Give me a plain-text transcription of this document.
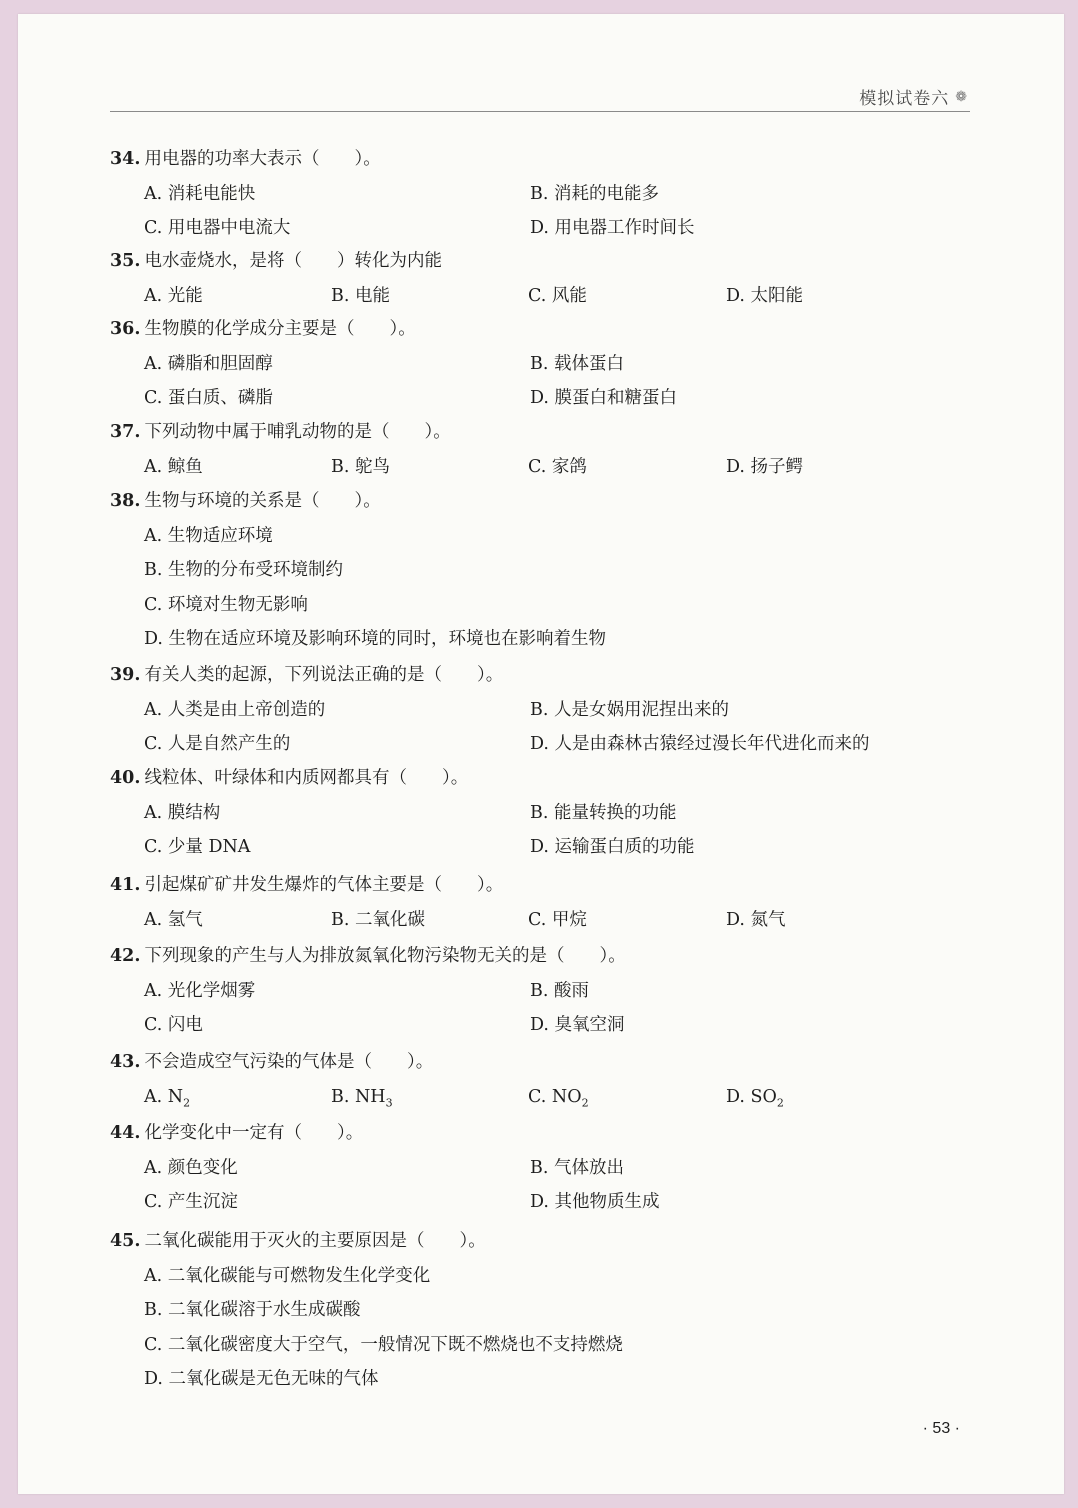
模拟试卷六 ❁
34. 用电器的功率大表示（　　）。
A. 消耗电能快	B. 消耗的电能多
C. 用电器中电流大	D. 用电器工作时间长
35. 电水壶烧水，是将（　　）转化为内能
A. 光能	B. 电能	C. 风能	D. 太阳能
36. 生物膜的化学成分主要是（　　）。
A. 磷脂和胆固醇	B. 载体蛋白
C. 蛋白质、磷脂	D. 膜蛋白和糖蛋白
37. 下列动物中属于哺乳动物的是（　　）。
A. 鲸鱼	B. 鸵鸟	C. 家鸽	D. 扬子鳄
38. 生物与环境的关系是（　　）。
A. 生物适应环境
B. 生物的分布受环境制约
C. 环境对生物无影响
D. 生物在适应环境及影响环境的同时，环境也在影响着生物
39. 有关人类的起源，下列说法正确的是（　　）。
A. 人类是由上帝创造的	B. 人是女娲用泥捏出来的
C. 人是自然产生的	D. 人是由森林古猿经过漫长年代进化而来的
40. 线粒体、叶绿体和内质网都具有（　　）。
A. 膜结构	B. 能量转换的功能
C. 少量 DNA	D. 运输蛋白质的功能
41. 引起煤矿矿井发生爆炸的气体主要是（　　）。
A. 氢气	B. 二氧化碳	C. 甲烷	D. 氮气
42. 下列现象的产生与人为排放氮氧化物污染物无关的是（　　）。
A. 光化学烟雾	B. 酸雨
C. 闪电	D. 臭氧空洞
43. 不会造成空气污染的气体是（　　）。
A. $N_2$	B. $NH_3$	C. $NO_2$	D. $SO_2$
44. 化学变化中一定有（　　）。
A. 颜色变化	B. 气体放出
C. 产生沉淀	D. 其他物质生成
45. 二氧化碳能用于灭火的主要原因是（　　）。
A. 二氧化碳能与可燃物发生化学变化
B. 二氧化碳溶于水生成碳酸
C. 二氧化碳密度大于空气，一般情况下既不燃烧也不支持燃烧
D. 二氧化碳是无色无味的气体
· 53 ·
